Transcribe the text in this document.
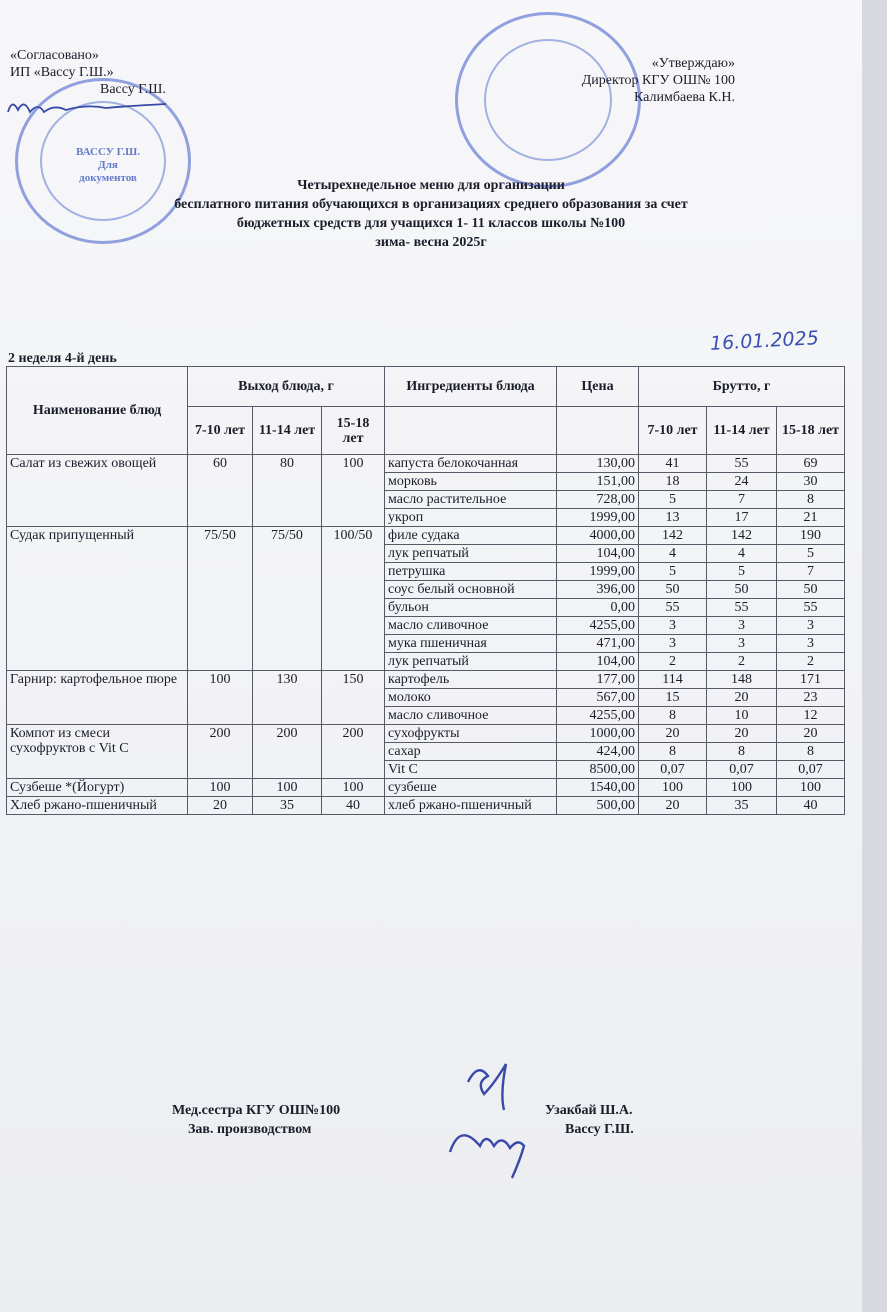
ВАССУ Г.Ш. Для документов
«Согласовано»
ИП «Вассу Г.Ш.»
Вассу Г.Ш.
«Утверждаю»
Директор КГУ ОШ№ 100
Калимбаева К.Н.
Четырехнедельное меню для организации
бесплатного питания обучающихся в организациях среднего образования за счет
бюджетных средств для учащихся 1- 11 классов школы №100
зима- весна 2025г
16.01.2025
2 неделя 4-й день
Наименование блюд	Выход блюда, г			Ингредиенты блюда	Цена	Брутто, г		
	7-10 лет	11-14 лет	15-18 лет			7-10 лет	11-14 лет	15-18 лет
Салат из свежих овощей	60	80	100	капуста белокочанная	130,00	41	55	69
				морковь	151,00	18	24	30
				масло растительное	728,00	5	7	8
				укроп	1999,00	13	17	21
Судак припущенный	75/50	75/50	100/50	филе судака	4000,00	142	142	190
				лук репчатый	104,00	4	4	5
				петрушка	1999,00	5	5	7
				соус белый основной	396,00	50	50	50
				бульон	0,00	55	55	55
				масло сливочное	4255,00	3	3	3
				мука пшеничная	471,00	3	3	3
				лук репчатый	104,00	2	2	2
Гарнир: картофельное пюре	100	130	150	картофель	177,00	114	148	171
				молоко	567,00	15	20	23
				масло сливочное	4255,00	8	10	12
Компот из смеси сухофруктов с Vit C	200	200	200	сухофрукты	1000,00	20	20	20
				сахар	424,00	8	8	8
				Vit C	8500,00	0,07	0,07	0,07
Сузбеше *(Йогурт)	100	100	100	сузбеше	1540,00	100	100	100
Хлеб ржано-пшеничный	20	35	40	хлеб ржано-пшеничный	500,00	20	35	40
Мед.сестра КГУ ОШ№100
Зав. производством
Узакбай Ш.А.
Вассу Г.Ш.
